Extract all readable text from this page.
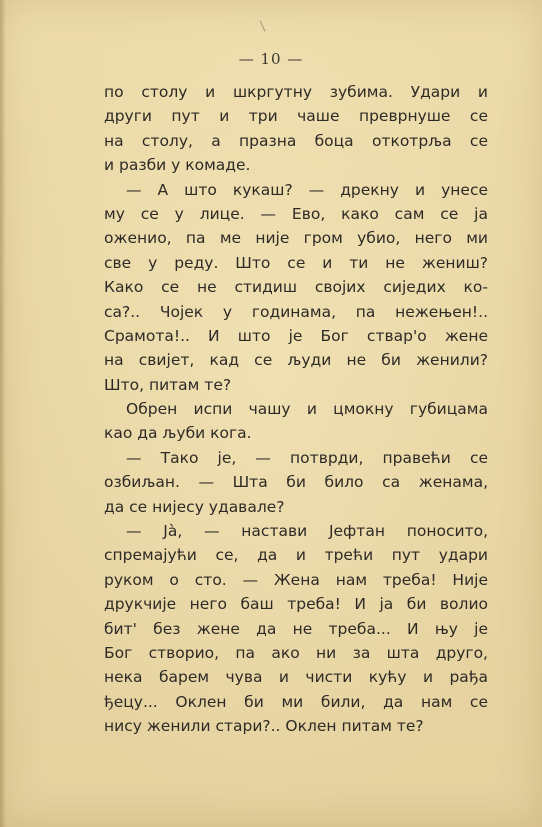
— 10 —
по столу и шкргутну зубима. Удари и
други пут и три чаше преврнуше се
на столу, а празна боца откотрља се
и разби у комаде.
— А што кукаш? — дрекну и унесе
му се у лице. — Ево, како сам се ја
оженио, па ме није гром убио, него ми
све у реду. Што се и ти не жениш?
Како се не стидиш својих сиједих ко-
са?.. Чојек у годинама, па нежењен!..
Срамота!.. И што је Бог ствар'о жене
на свијет, кад се људи не би женили?
Што, питам те?
Обрен испи чашу и цмокну губицама
као да љуби кога.
— Тако је, — потврди, правећи се
озбиљан. — Шта би било са женама,
да се нијесу удавале?
— Ја̀, — настави Јефтан поносито,
спремајући се, да и трећи пут удари
руком о сто. — Жена нам треба! Није
друкчије него баш треба! И ја би волио
бит' без жене да не треба... И њу је
Бог створио, па ако ни за шта друго,
нека барем чува и чисти кућу и рађа
ђецу... Оклен би ми били, да нам се
нису женили стари?.. Оклен питам те?
